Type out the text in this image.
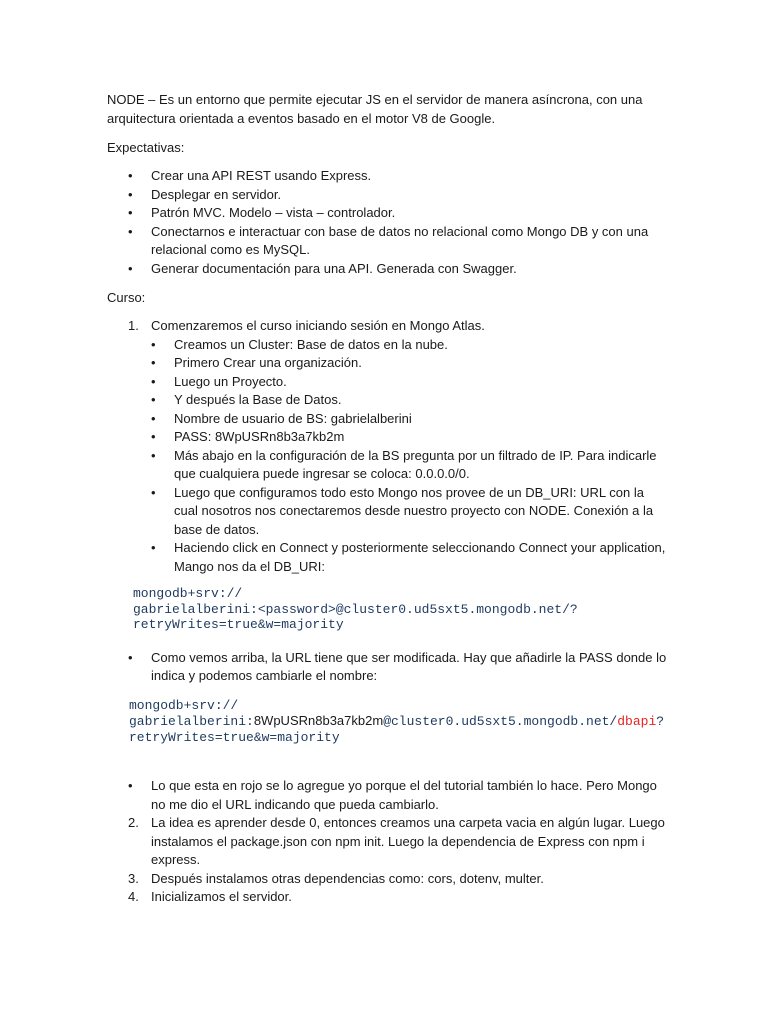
NODE – Es un entorno que permite ejecutar JS en el servidor de manera asíncrona, con una arquitectura orientada a eventos basado en el motor V8 de Google.

Expectativas:

• Crear una API REST usando Express.
• Desplegar en servidor.
• Patrón MVC. Modelo – vista – controlador.
• Conectarnos e interactuar con base de datos no relacional como Mongo DB y con una relacional como es MySQL.
• Generar documentación para una API. Generada con Swagger.

Curso:

1. Comenzaremos el curso iniciando sesión en Mongo Atlas.
• Creamos un Cluster: Base de datos en la nube.
• Primero Crear una organización.
• Luego un Proyecto.
• Y después la Base de Datos.
• Nombre de usuario de BS: gabrielalberini
• PASS: 8WpUSRn8b3a7kb2m
• Más abajo en la configuración de la BS pregunta por un filtrado de IP. Para indicarle que cualquiera puede ingresar se coloca: 0.0.0.0/0.
• Luego que configuramos todo esto Mongo nos provee de un DB_URI: URL con la cual nosotros nos conectaremos desde nuestro proyecto con NODE. Conexión a la base de datos.
• Haciendo click en Connect y posteriormente seleccionando Connect your application, Mango nos da el DB_URI:
mongodb+srv://
gabrielalberini:<password>@cluster0.ud5sxt5.mongodb.net/?
retryWrites=true&w=majority
• Como vemos arriba, la URL tiene que ser modificada. Hay que añadirle la PASS donde lo indica y podemos cambiarle el nombre:
mongodb+srv://
gabrielalberini:8WpUSRn8b3a7kb2m@cluster0.ud5sxt5.mongodb.net/dbapi?
retryWrites=true&w=majority
• Lo que esta en rojo se lo agregue yo porque el del tutorial también lo hace. Pero Mongo no me dio el URL indicando que pueda cambiarlo.
2. La idea es aprender desde 0, entonces creamos una carpeta vacia en algún lugar. Luego instalamos el package.json con npm init. Luego la dependencia de Express con npm i express.
3. Después instalamos otras dependencias como: cors, dotenv, multer.
4. Inicializamos el servidor.
